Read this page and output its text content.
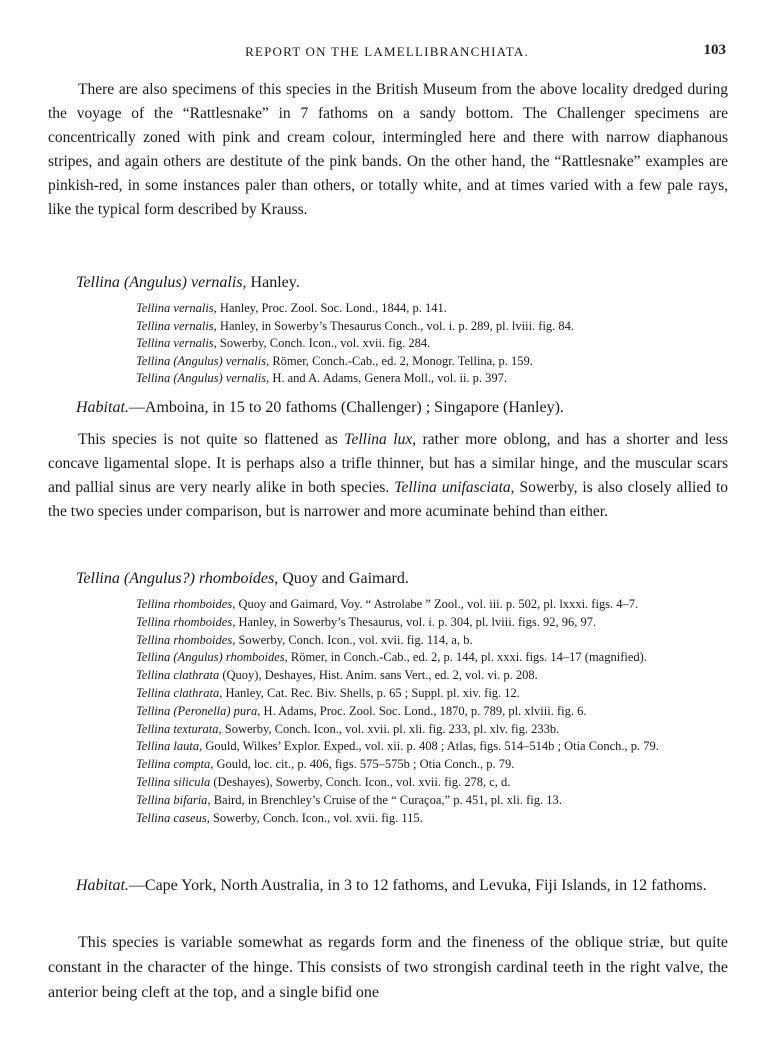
REPORT ON THE LAMELLIBRANCHIATA.	103

There are also specimens of this species in the British Museum from the above locality dredged during the voyage of the “Rattlesnake” in 7 fathoms on a sandy bottom. The Challenger specimens are concentrically zoned with pink and cream colour, intermingled here and there with narrow diaphanous stripes, and again others are destitute of the pink bands. On the other hand, the “Rattlesnake” examples are pinkish-red, in some instances paler than others, or totally white, and at times varied with a few pale rays, like the typical form described by Krauss.

Tellina (Angulus) vernalis, Hanley.
Tellina vernalis, Hanley, Proc. Zool. Soc. Lond., 1844, p. 141.
Tellina vernalis, Hanley, in Sowerby’s Thesaurus Conch., vol. i. p. 289, pl. lviii. fig. 84.
Tellina vernalis, Sowerby, Conch. Icon., vol. xvii. fig. 284.
Tellina (Angulus) vernalis, Römer, Conch.-Cab., ed. 2, Monogr. Tellina, p. 159.
Tellina (Angulus) vernalis, H. and A. Adams, Genera Moll., vol. ii. p. 397.
Habitat.—Amboina, in 15 to 20 fathoms (Challenger) ; Singapore (Hanley).

This species is not quite so flattened as Tellina lux, rather more oblong, and has a shorter and less concave ligamental slope. It is perhaps also a trifle thinner, but has a similar hinge, and the muscular scars and pallial sinus are very nearly alike in both species. Tellina unifasciata, Sowerby, is also closely allied to the two species under comparison, but is narrower and more acuminate behind than either.

Tellina (Angulus?) rhomboides, Quoy and Gaimard.
Tellina rhomboides, Quoy and Gaimard, Voy. “ Astrolabe ” Zool., vol. iii. p. 502, pl. lxxxi. figs. 4–7.
Tellina rhomboides, Hanley, in Sowerby’s Thesaurus, vol. i. p. 304, pl. lviii. figs. 92, 96, 97.
Tellina rhomboides, Sowerby, Conch. Icon., vol. xvii. fig. 114, a, b.
Tellina (Angulus) rhomboides, Römer, in Conch.-Cab., ed. 2, p. 144, pl. xxxi. figs. 14–17 (magnified).
Tellina clathrata (Quoy), Deshayes, Hist. Anim. sans Vert., ed. 2, vol. vi. p. 208.
Tellina clathrata, Hanley, Cat. Rec. Biv. Shells, p. 65 ; Suppl. pl. xiv. fig. 12.
Tellina (Peronella) pura, H. Adams, Proc. Zool. Soc. Lond., 1870, p. 789, pl. xlviii. fig. 6.
Tellina texturata, Sowerby, Conch. Icon., vol. xvii. pl. xli. fig. 233, pl. xlv. fig. 233b.
Tellina lauta, Gould, Wilkes’ Explor. Exped., vol. xii. p. 408 ; Atlas, figs. 514–514b ; Otia Conch., p. 79.
Tellina compta, Gould, loc. cit., p. 406, figs. 575–575b ; Otia Conch., p. 79.
Tellina silicula (Deshayes), Sowerby, Conch. Icon., vol. xvii. fig. 278, c, d.
Tellina bifaria, Baird, in Brenchley’s Cruise of the “ Curaçoa,” p. 451, pl. xli. fig. 13.
Tellina caseus, Sowerby, Conch. Icon., vol. xvii. fig. 115.
Habitat.—Cape York, North Australia, in 3 to 12 fathoms, and Levuka, Fiji Islands, in 12 fathoms.

This species is variable somewhat as regards form and the fineness of the oblique striæ, but quite constant in the character of the hinge. This consists of two strongish cardinal teeth in the right valve, the anterior being cleft at the top, and a single bifid one
